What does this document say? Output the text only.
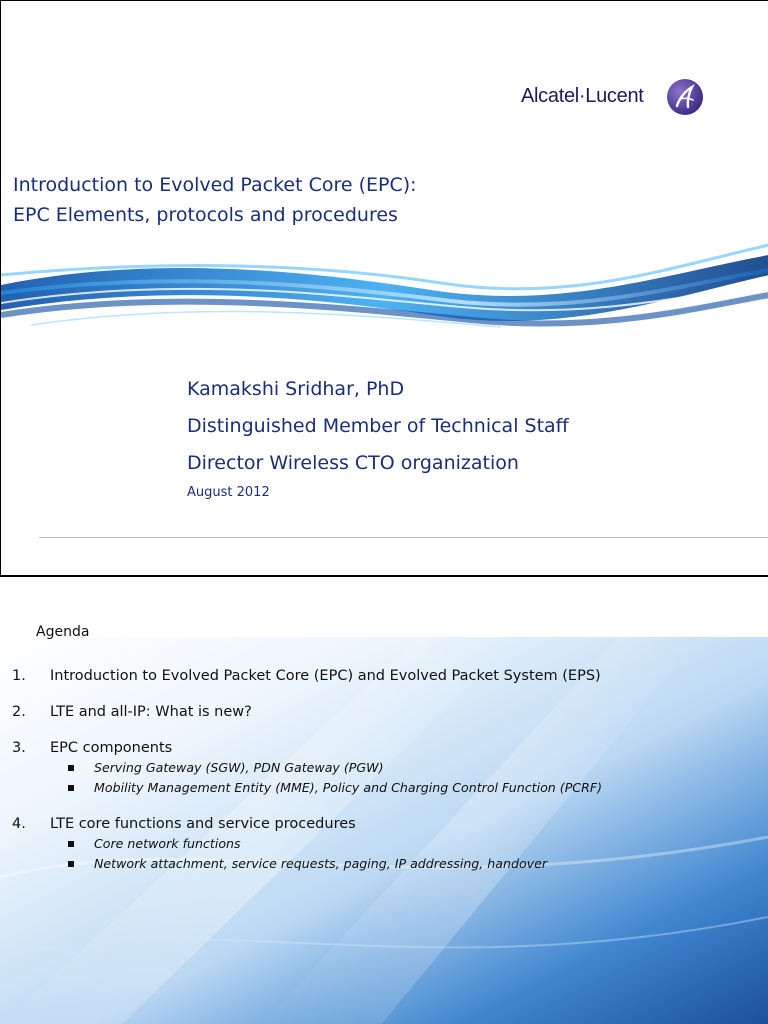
Alcatel·Lucent
Introduction to Evolved Packet Core (EPC):
EPC Elements, protocols and procedures
Kamakshi Sridhar, PhD
Distinguished Member of Technical Staff
Director Wireless CTO organization
August 2012
Agenda
1. Introduction to Evolved Packet Core (EPC) and Evolved Packet System (EPS)
2. LTE and all-IP: What is new?
3. EPC components
Serving Gateway (SGW), PDN Gateway (PGW)
Mobility Management Entity (MME), Policy and Charging Control Function (PCRF)
4. LTE core functions and service procedures
Core network functions
Network attachment, service requests, paging, IP addressing, handover
